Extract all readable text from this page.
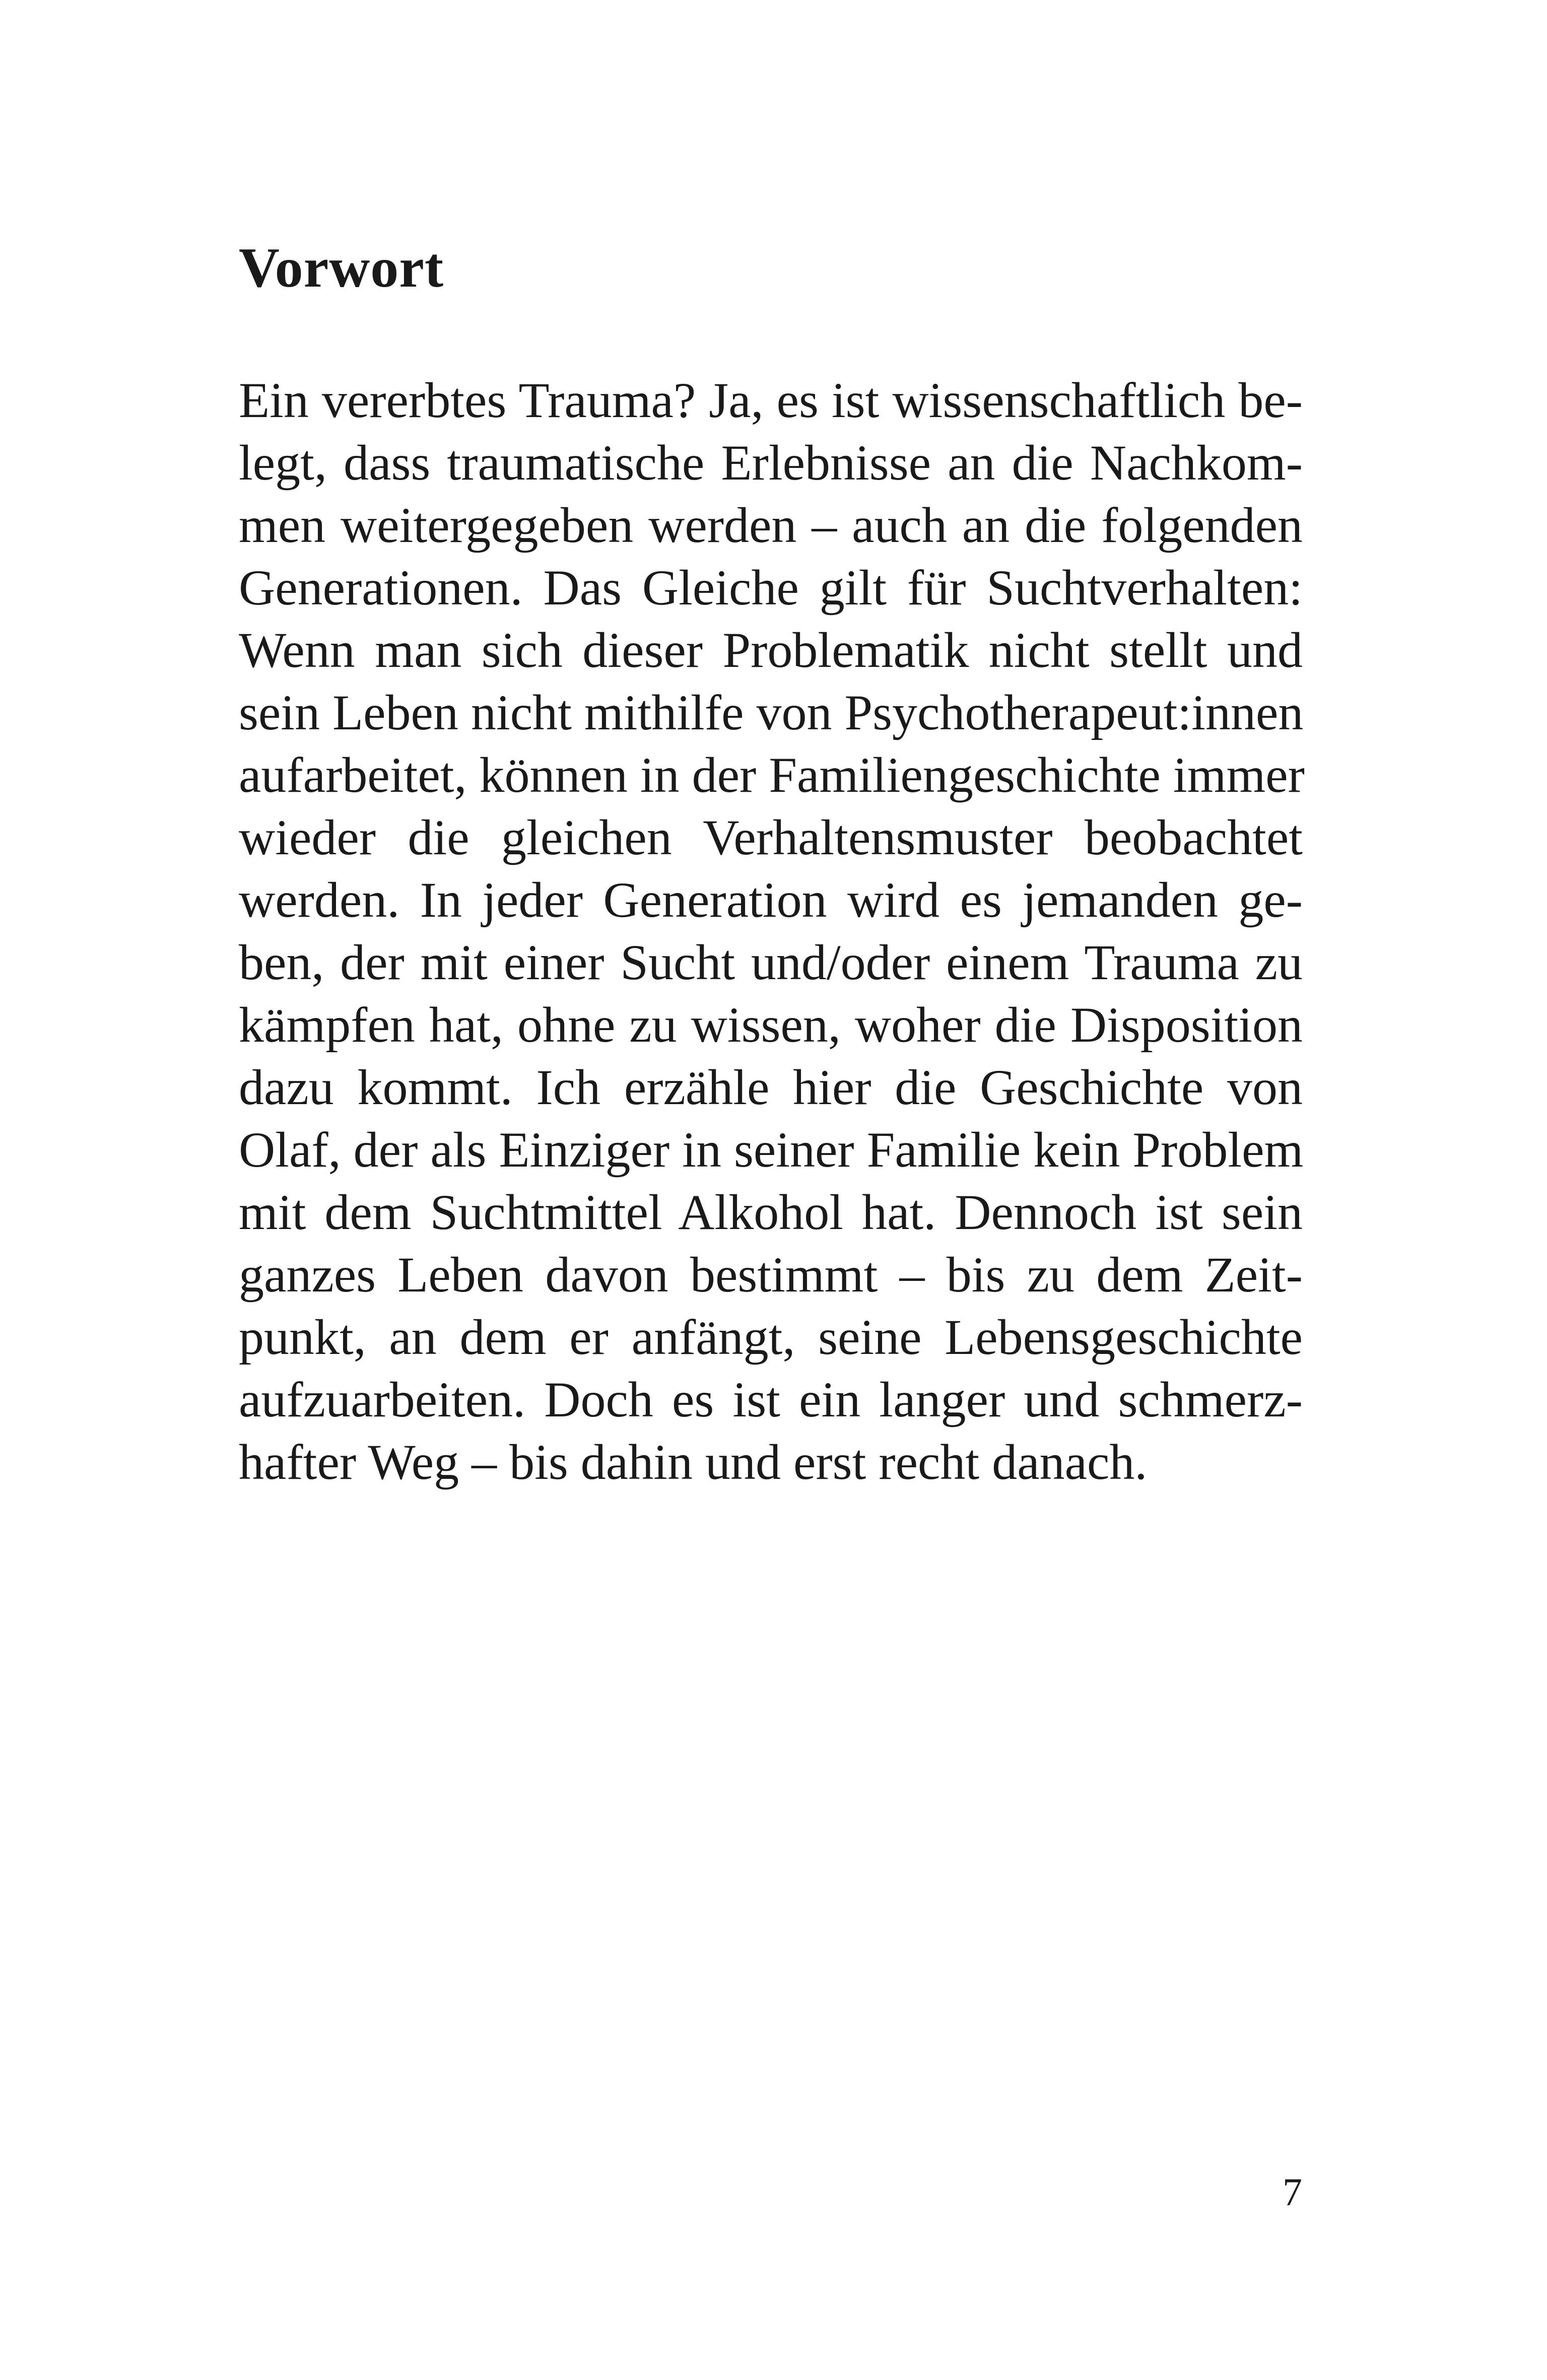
Vorwort
Ein vererbtes Trauma? Ja, es ist wissenschaftlich be-
legt, dass traumatische Erlebnisse an die Nachkom-
men weitergegeben werden – auch an die folgenden
Generationen. Das Gleiche gilt für Suchtverhalten:
Wenn man sich dieser Problematik nicht stellt und
sein Leben nicht mithilfe von Psychotherapeut:innen
aufarbeitet, können in der Familiengeschichte immer
wieder die gleichen Verhaltensmuster beobachtet
werden. In jeder Generation wird es jemanden ge-
ben, der mit einer Sucht und/oder einem Trauma zu
kämpfen hat, ohne zu wissen, woher die Disposition
dazu kommt. Ich erzähle hier die Geschichte von
Olaf, der als Einziger in seiner Familie kein Problem
mit dem Suchtmittel Alkohol hat. Dennoch ist sein
ganzes Leben davon bestimmt – bis zu dem Zeit-
punkt, an dem er anfängt, seine Lebensgeschichte
aufzuarbeiten. Doch es ist ein langer und schmerz-
hafter Weg – bis dahin und erst recht danach.
7
